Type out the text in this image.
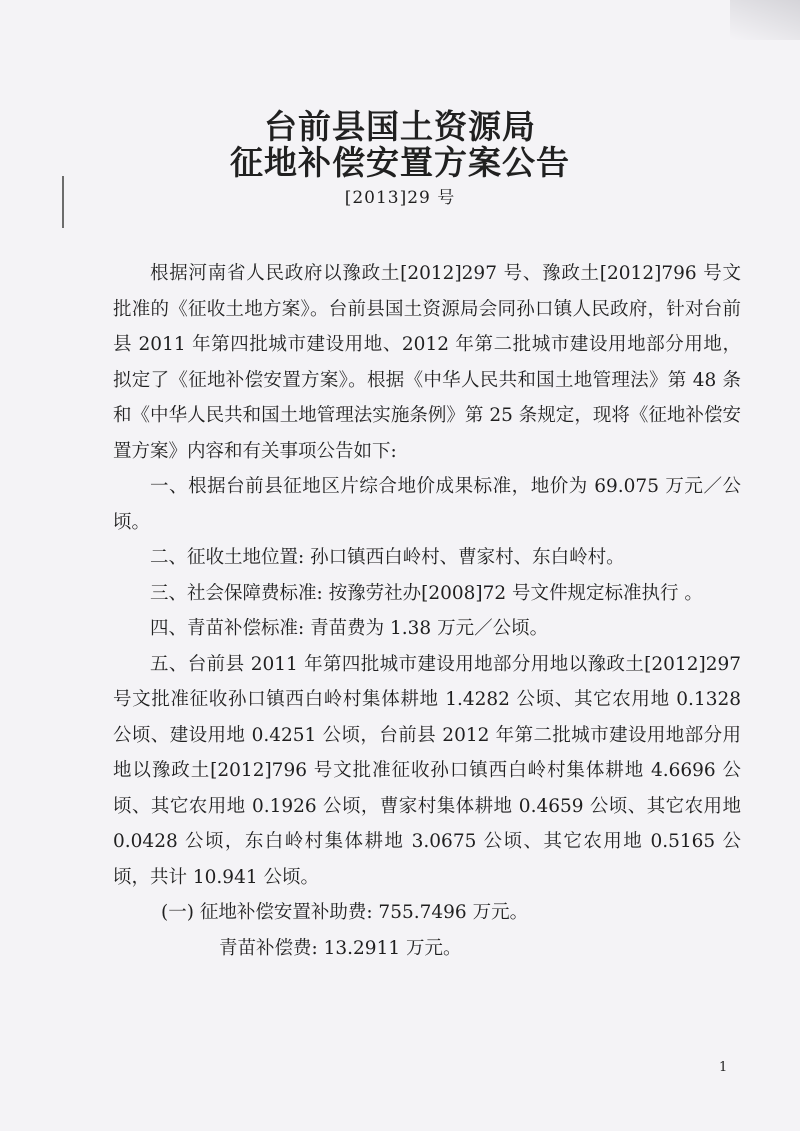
台前县国土资源局
征地补偿安置方案公告
[2013]29 号

根据河南省人民政府以豫政土[2012]297 号、豫政土[2012]796 号文批准的《征收土地方案》。台前县国土资源局会同孙口镇人民政府，针对台前县 2011 年第四批城市建设用地、2012 年第二批城市建设用地部分用地，拟定了《征地补偿安置方案》。根据《中华人民共和国土地管理法》第 48 条和《中华人民共和国土地管理法实施条例》第 25 条规定，现将《征地补偿安置方案》内容和有关事项公告如下:

一、根据台前县征地区片综合地价成果标准，地价为 69.075 万元／公顷。

二、征收土地位置: 孙口镇西白岭村、曹家村、东白岭村。

三、社会保障费标准: 按豫劳社办[2008]72 号文件规定标准执行 。

四、青苗补偿标准: 青苗费为 1.38 万元／公顷。

五、台前县 2011 年第四批城市建设用地部分用地以豫政土[2012]297 号文批准征收孙口镇西白岭村集体耕地 1.4282 公顷、其它农用地 0.1328 公顷、建设用地 0.4251 公顷，台前县 2012 年第二批城市建设用地部分用地以豫政土[2012]796 号文批准征收孙口镇西白岭村集体耕地 4.6696 公顷、其它农用地 0.1926 公顷，曹家村集体耕地 0.4659 公顷、其它农用地 0.0428 公顷，东白岭村集体耕地 3.0675 公顷、其它农用地 0.5165 公顷，共计 10.941 公顷。

(一) 征地补偿安置补助费: 755.7496 万元。

青苗补偿费: 13.2911 万元。

1
